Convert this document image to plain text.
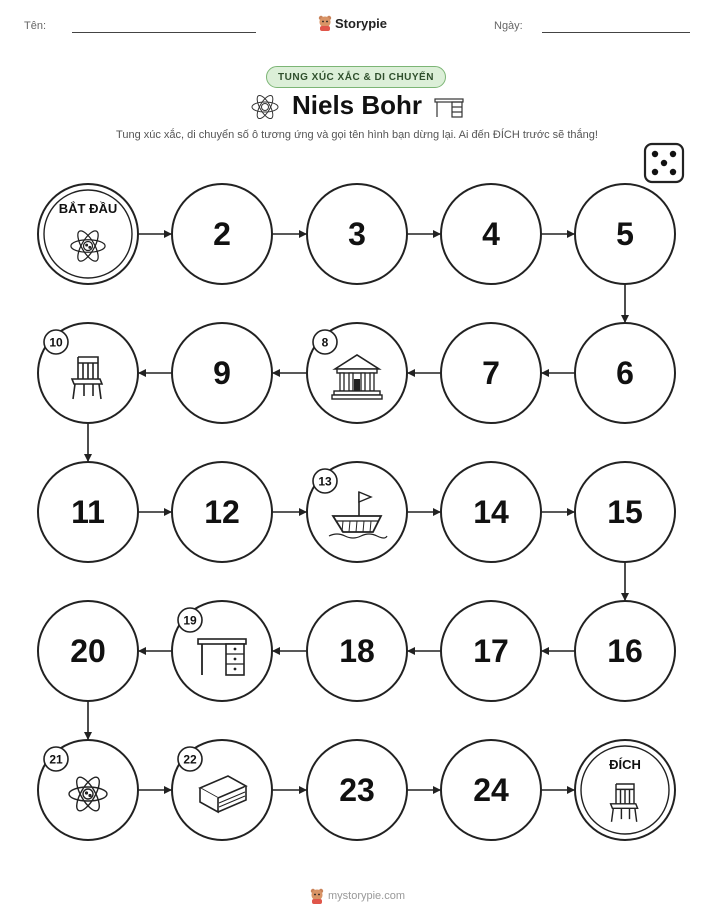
Tên:	Storypie	Ngày:
TUNG XÚC XẮC & DI CHUYỂN
Niels Bohr
Tung xúc xắc, di chuyển số ô tương ứng và gọi tên hình bạn dừng lại. Ai đến ĐÍCH trước sẽ thắng!
BẮT ĐẦU
2	3	4	5
6
7
8
9
10
11	12
13
14	15
16
17
18
19
20
21	22
23	24
ĐÍCH
mystorypie.com
